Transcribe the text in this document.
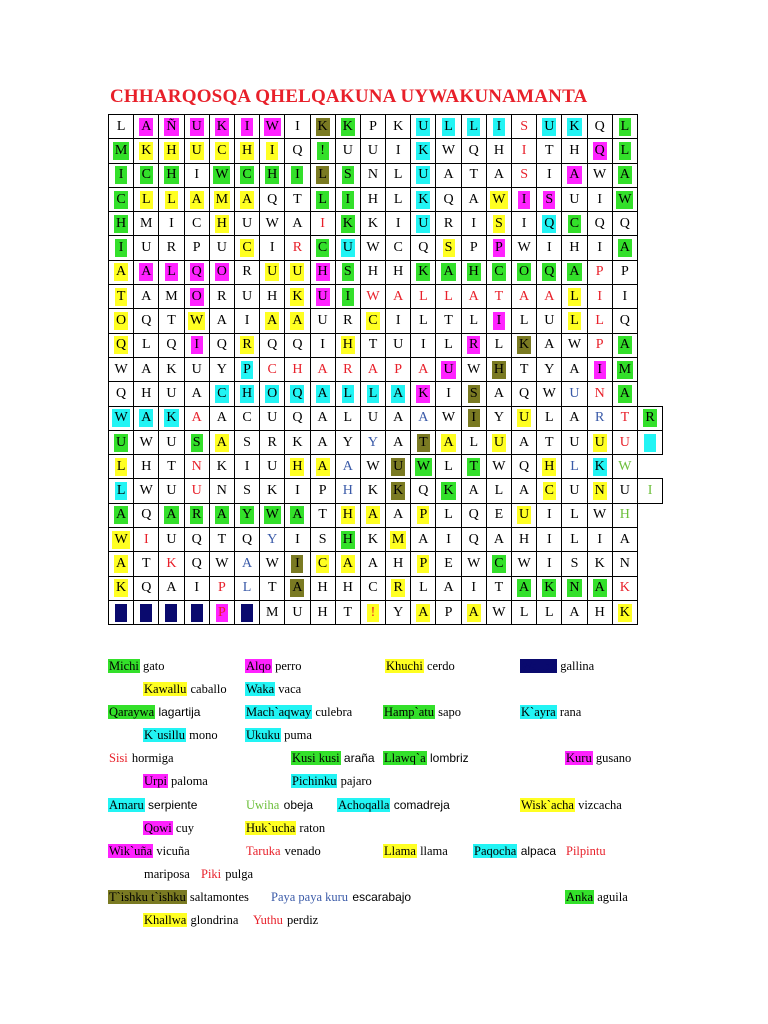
CHHARQOSQA QHELQAKUNA UYWAKUNAMANTA
L	A	Ñ	U	K	I	W	I	K	K	P	K	U	L	L	I	S	U	K	Q	L	
M	K	H	U	C	H	I	Q	!	U	U	I	K	W	Q	H	I	T	H	Q	L	
I	C	H	I	W	C	H	I	L	S	N	L	U	A	T	A	S	I	A	W	A	
C	L	L	A	M	A	Q	T	L	I	H	L	K	Q	A	W	I	S	U	I	W	
H	M	I	C	H	U	W	A	I	K	K	I	U	R	I	S	I	Q	C	Q	Q	
I	U	R	P	U	C	I	R	C	U	W	C	Q	S	P	P	W	I	H	I	A	
A	A	L	Q	O	R	U	U	H	S	H	H	K	A	H	C	O	Q	A	P	P	
T	A	M	O	R	U	H	K	U	I	W	A	L	L	A	T	A	A	L	I	I	
O	Q	T	W	A	I	A	A	U	R	C	I	L	T	L	I	L	U	L	L	Q	
Q	L	Q	I	Q	R	Q	Q	I	H	T	U	I	L	R	L	K	A	W	P	A	
W	A	K	U	Y	P	C	H	A	R	A	P	A	U	W	H	T	Y	A	I	M	
Q	H	U	A	C	H	O	Q	A	L	L	A	K	I	S	A	Q	W	U	N	A	
W	A	K	A	A	C	U	Q	A	L	U	A	A	W	I	Y	U	L	A	R	T	R
U	W	U	S	A	S	R	K	A	Y	Y	A	T	A	L	U	A	T	U	U	U	
L	H	T	N	K	I	U	H	A	A	W	U	W	L	T	W	Q	H	L	K	W	
L	W	U	U	N	S	K	I	P	H	K	K	Q	K	A	L	A	C	U	N	U	I
A	Q	A	R	A	Y	W	A	T	H	A	A	P	L	Q	E	U	I	L	W	H	
W	I	U	Q	T	Q	Y	I	S	H	K	M	A	I	Q	A	H	I	L	I	A	
A	T	K	Q	W	A	W	I	C	A	A	H	P	E	W	C	W	I	S	K	N	
K	Q	A	I	P	L	T	A	H	H	C	R	L	A	I	T	A	K	N	A	K	
				P		M	U	H	T	!	Y	A	P	A	W	L	L	A	H	K	
Michi gato	Alqo perro	Khuchi cerdo	Wallpa gallina
Kawallu caballo Waka vaca
Qaraywa lagartija	Mach`aqway culebra	Hamp`atu sapo	K`ayra rana
K`usillu mono Ukuku puma
Sisi hormiga	Kusi kusi araña Llawq`a lombriz	Kuru gusano
Urpi paloma	Pichinku pajaro
Amaru serpiente	Uwiha obeja Achoqalla comadreja	Wisk`acha vizcacha
Qowi cuy	Huk`ucha raton
Wik`uña vicuña	Taruka venado	Llama llama Paqocha alpaca Pilpintu
mariposa Piki pulga
T`ishku t`ishku saltamontes Paya paya kuru escarabajo	Anka aguila
Khallwa glondrina Yuthu perdiz
